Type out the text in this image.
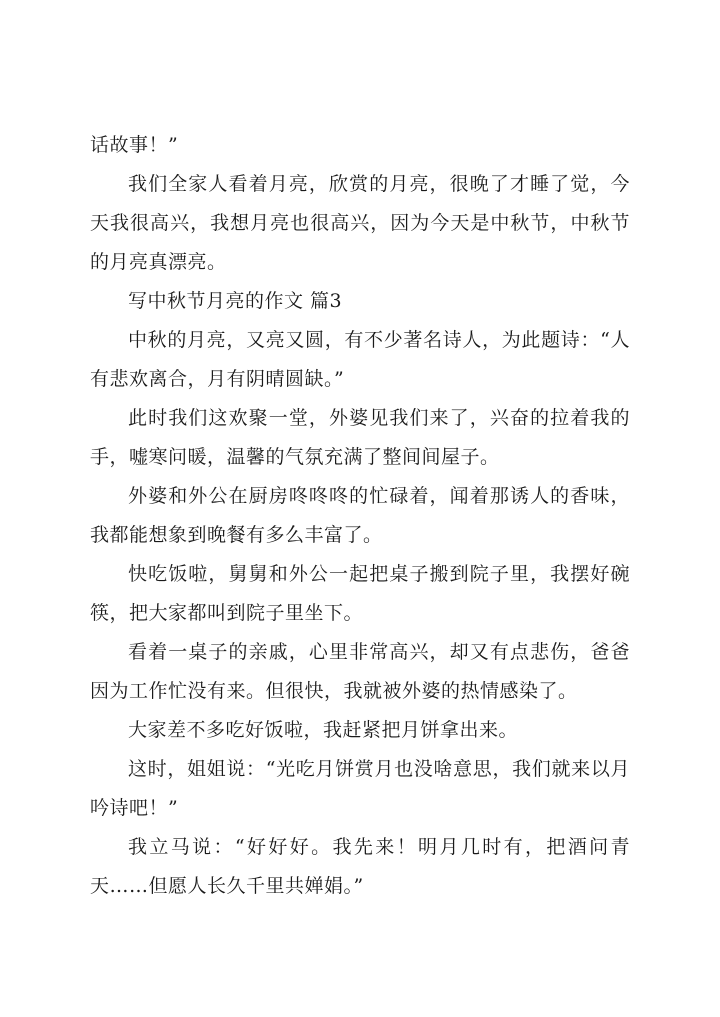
话故事！”

我们全家人看着月亮，欣赏的月亮，很晚了才睡了觉，今天我很高兴，我想月亮也很高兴，因为今天是中秋节，中秋节的月亮真漂亮。

写中秋节月亮的作文 篇3

中秋的月亮，又亮又圆，有不少著名诗人，为此题诗：“人有悲欢离合，月有阴晴圆缺。”

此时我们这欢聚一堂，外婆见我们来了，兴奋的拉着我的手，嘘寒问暖，温馨的气氛充满了整间间屋子。

外婆和外公在厨房咚咚咚的忙碌着，闻着那诱人的香味，我都能想象到晚餐有多么丰富了。

快吃饭啦，舅舅和外公一起把桌子搬到院子里，我摆好碗筷，把大家都叫到院子里坐下。

看着一桌子的亲戚，心里非常高兴，却又有点悲伤，爸爸因为工作忙没有来。但很快，我就被外婆的热情感染了。

大家差不多吃好饭啦，我赶紧把月饼拿出来。

这时，姐姐说：“光吃月饼赏月也没啥意思，我们就来以月吟诗吧！”

我立马说：“好好好。我先来！明月几时有，把酒问青天……但愿人长久千里共婵娟。”
